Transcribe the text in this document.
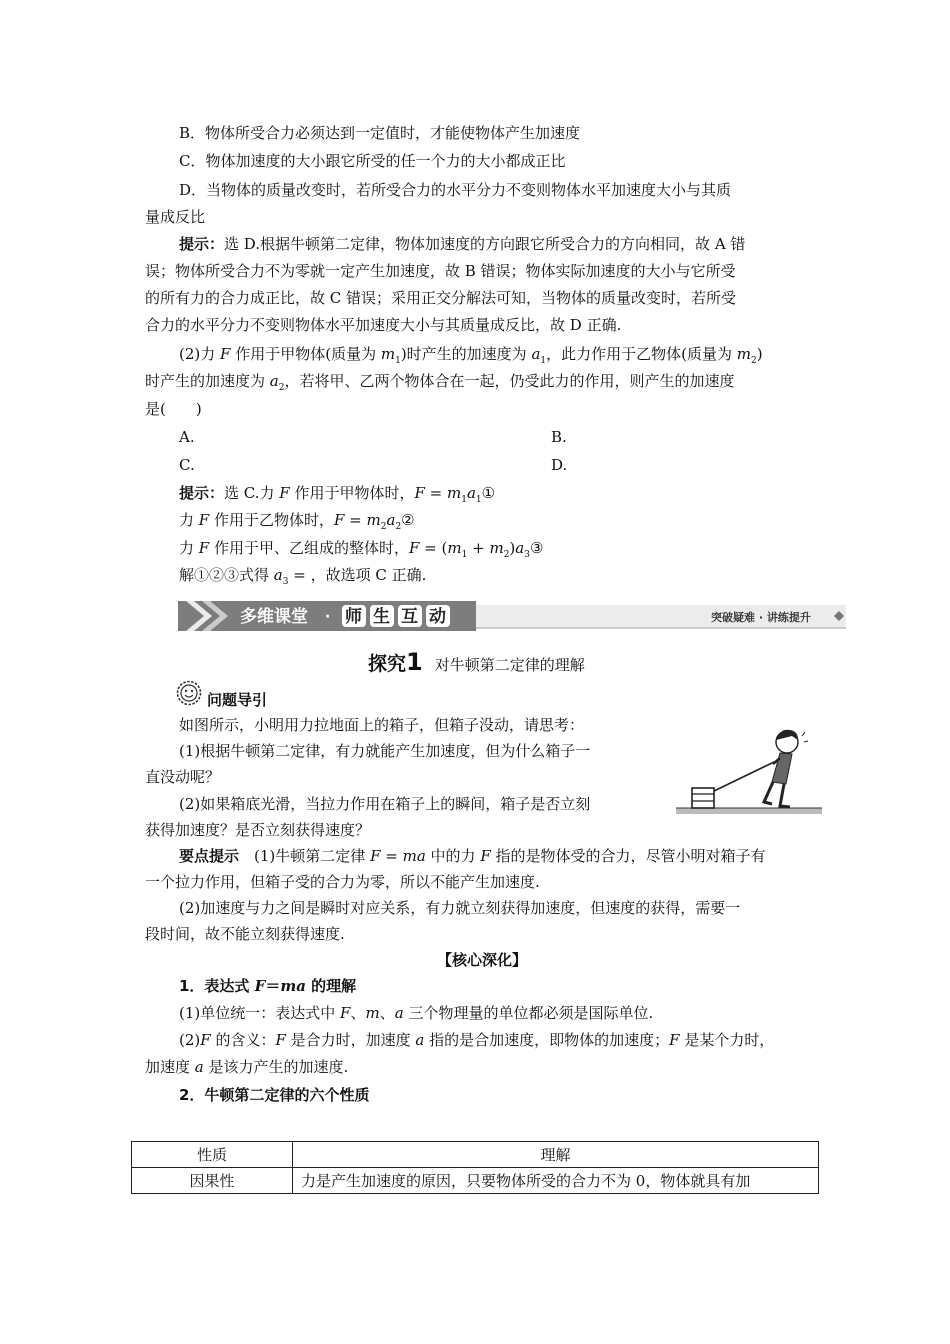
B．物体所受合力必须达到一定值时，才能使物体产生加速度
C．物体加速度的大小跟它所受的任一个力的大小都成正比
D．当物体的质量改变时，若所受合力的水平分力不变则物体水平加速度大小与其质
量成反比
提示：选 D.根据牛顿第二定律，物体加速度的方向跟它所受合力的方向相同，故 A 错
误；物体所受合力不为零就一定产生加速度，故 B 错误；物体实际加速度的大小与它所受
的所有力的合力成正比，故 C 错误；采用正交分解法可知，当物体的质量改变时，若所受
合力的水平分力不变则物体水平加速度大小与其质量成反比，故 D 正确.
(2)力 F 作用于甲物体(质量为 $m_1$)时产生的加速度为 $a_1$，此力作用于乙物体(质量为 $m_2$)
时产生的加速度为 $a_2$，若将甲、乙两个物体合在一起，仍受此力的作用，则产生的加速度
是(　　)
A.	B.
C.	D.
提示：选 C.力 F 作用于甲物体时，$F = m_1a_1①$
力 F 作用于乙物体时，$F = m_2a_2②$
力 F 作用于甲、乙组成的整体时，$F = (m_1$ + $m_2)a_3③$
解①②③式得 $a_3$ = ，故选项 C 正确.
多维课堂 · 师 生 互 动	突破疑难 · 讲练提升
探究1 对牛顿第二定律的理解
问题导引
如图所示，小明用力拉地面上的箱子，但箱子没动，请思考：
(1)根据牛顿第二定律，有力就能产生加速度，但为什么箱子一
直没动呢？
(2)如果箱底光滑，当拉力作用在箱子上的瞬间，箱子是否立刻
获得加速度？是否立刻获得速度？
要点提示　 (1)牛顿第二定律 F = ma 中的力 F 指的是物体受的合力，尽管小明对箱子有
一个拉力作用，但箱子受的合力为零，所以不能产生加速度.
(2)加速度与力之间是瞬时对应关系，有力就立刻获得加速度，但速度的获得，需要一
段时间，故不能立刻获得速度.
【核心深化】
1．表达式 F＝ma 的理解
(1)单位统一：表达式中 F、m、a 三个物理量的单位都必须是国际单位.
(2)F 的含义：F 是合力时，加速度 a 指的是合加速度，即物体的加速度；F 是某个力时，
加速度 a 是该力产生的加速度.
2．牛顿第二定律的六个性质
性质	理解
因果性	力是产生加速度的原因，只要物体所受的合力不为 0，物体就具有加
